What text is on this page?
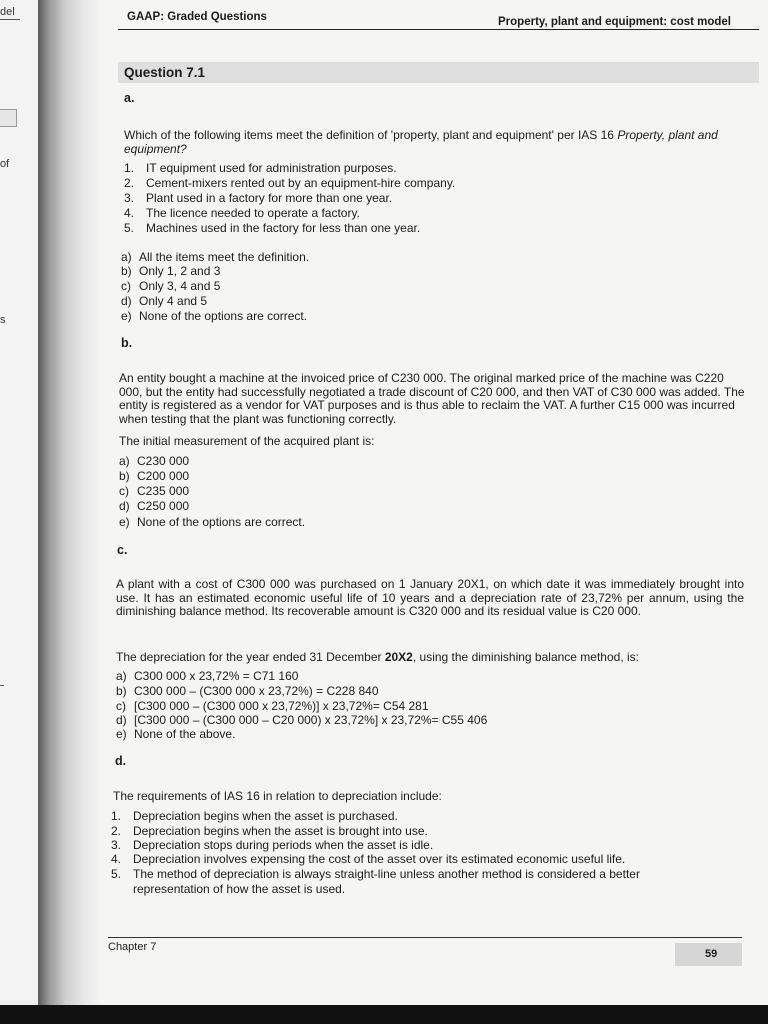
del
of
s
GAAP: Graded Questions	Property, plant and equipment: cost model
Question 7.1
a.
Which of the following items meet the definition of 'property, plant and equipment' per IAS 16 Property, plant and equipment?
1. IT equipment used for administration purposes.
2. Cement-mixers rented out by an equipment-hire company.
3. Plant used in a factory for more than one year.
4. The licence needed to operate a factory.
5. Machines used in the factory for less than one year.
a) All the items meet the definition.
b) Only 1, 2 and 3
c) Only 3, 4 and 5
d) Only 4 and 5
e) None of the options are correct.
b.
An entity bought a machine at the invoiced price of C230 000. The original marked price of the machine was C220 000, but the entity had successfully negotiated a trade discount of C20 000, and then VAT of C30 000 was added. The entity is registered as a vendor for VAT purposes and is thus able to reclaim the VAT. A further C15 000 was incurred when testing that the plant was functioning correctly.
The initial measurement of the acquired plant is:
a) C230 000
b) C200 000
c) C235 000
d) C250 000
e) None of the options are correct.
c.
A plant with a cost of C300 000 was purchased on 1 January 20X1, on which date it was immediately brought into use. It has an estimated economic useful life of 10 years and a depreciation rate of 23,72% per annum, using the diminishing balance method. Its recoverable amount is C320 000 and its residual value is C20 000.
The depreciation for the year ended 31 December 20X2, using the diminishing balance method, is:
a) C300 000 x 23,72% = C71 160
b) C300 000 – (C300 000 x 23,72%) = C228 840
c) [C300 000 – (C300 000 x 23,72%)] x 23,72%= C54 281
d) [C300 000 – (C300 000 – C20 000) x 23,72%] x 23,72%= C55 406
e) None of the above.
d.
The requirements of IAS 16 in relation to depreciation include:
1. Depreciation begins when the asset is purchased.
2. Depreciation begins when the asset is brought into use.
3. Depreciation stops during periods when the asset is idle.
4. Depreciation involves expensing the cost of the asset over its estimated economic useful life.
5. The method of depreciation is always straight-line unless another method is considered a better
representation of how the asset is used.
Chapter 7
59
